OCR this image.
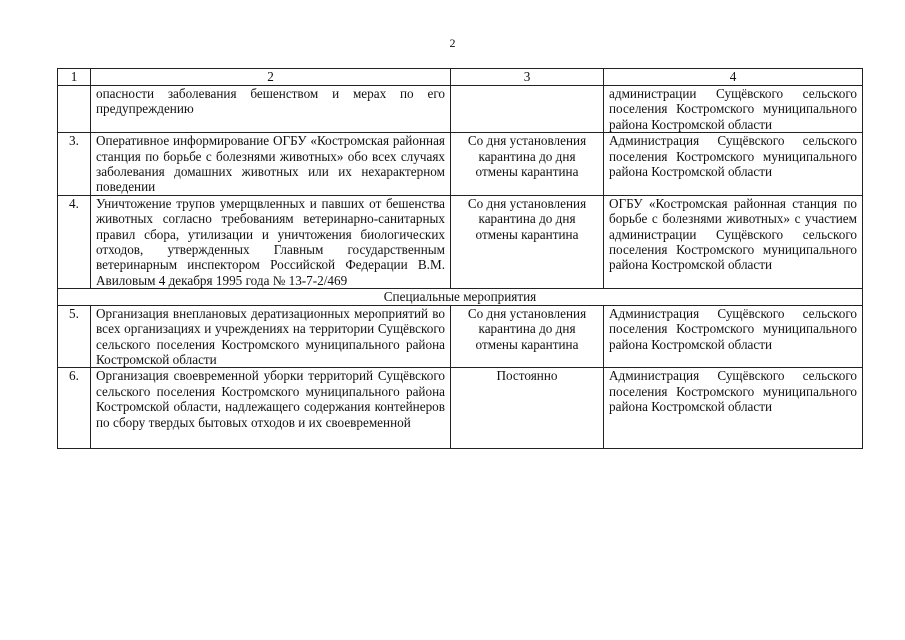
2
1	2	3	4
	опасности заболевания бешенством и мерах по его предупреждению		администрации Сущёвского сельского поселения Костромского муниципального района Костромской области
3.	Оперативное информирование ОГБУ «Костромская районная станция по борьбе с болезнями животных» обо всех случаях заболевания домашних животных или их нехарактерном поведении	Со дня установления карантина до дня отмены карантина	Администрация Сущёвского сельского поселения Костромского муниципального района Костромской области
4.	Уничтожение трупов умерщвленных и павших от бешенства животных согласно требованиям ветеринарно-санитарных правил сбора, утилизации и уничтожения биологических отходов, утвержденных Главным государственным ветеринарным инспектором Российской Федерации В.М. Авиловым 4 декабря 1995 года № 13-7-2/469	Со дня установления карантина до дня отмены карантина	ОГБУ «Костромская районная станция по борьбе с болезнями животных» с участием администрации Сущёвского сельского поселения Костромского муниципального района Костромской области
Специальные мероприятия			
5.	Организация внеплановых дератизационных мероприятий во всех организациях и учреждениях на территории Сущёвского сельского поселения Костромского муниципального района Костромской области	Со дня установления карантина до дня отмены карантина	Администрация Сущёвского сельского поселения Костромского муниципального района Костромской области
6.	Организация своевременной уборки территорий Сущёвского сельского поселения Костромского муниципального района Костромской области, надлежащего содержания контейнеров по сбору твердых бытовых отходов и их своевременной	Постоянно	Администрация Сущёвского сельского поселения Костромского муниципального района Костромской области
